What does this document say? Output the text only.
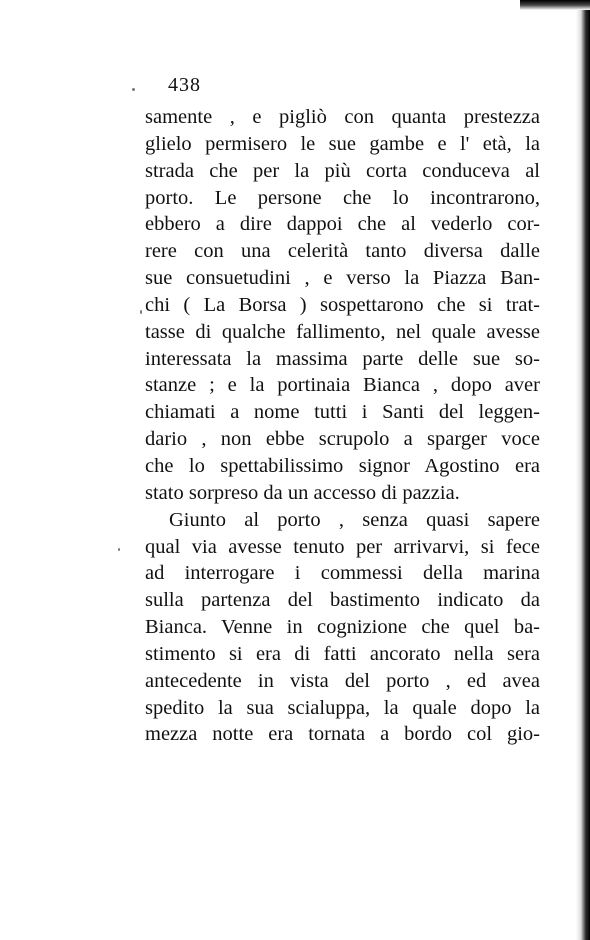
438
samente , e pigliò con quanta prestezza
glielo permisero le sue gambe e l' età, la
strada che per la più corta conduceva al
porto. Le persone che lo incontrarono,
ebbero a dire dappoi che al vederlo cor-
rere con una celerità tanto diversa dalle
sue consuetudini , e verso la Piazza Ban-
chi ( La Borsa ) sospettarono che si trat-
tasse di qualche fallimento, nel quale avesse
interessata la massima parte delle sue so-
stanze ; e la portinaia Bianca , dopo aver
chiamati a nome tutti i Santi del leggen-
dario , non ebbe scrupolo a sparger voce
che lo spettabilissimo signor Agostino era
stato sorpreso da un accesso di pazzia.
Giunto al porto , senza quasi sapere
qual via avesse tenuto per arrivarvi, si fece
ad interrogare i commessi della marina
sulla partenza del bastimento indicato da
Bianca. Venne in cognizione che quel ba-
stimento si era di fatti ancorato nella sera
antecedente in vista del porto , ed avea
spedito la sua scialuppa, la quale dopo la
mezza notte era tornata a bordo col gio-
